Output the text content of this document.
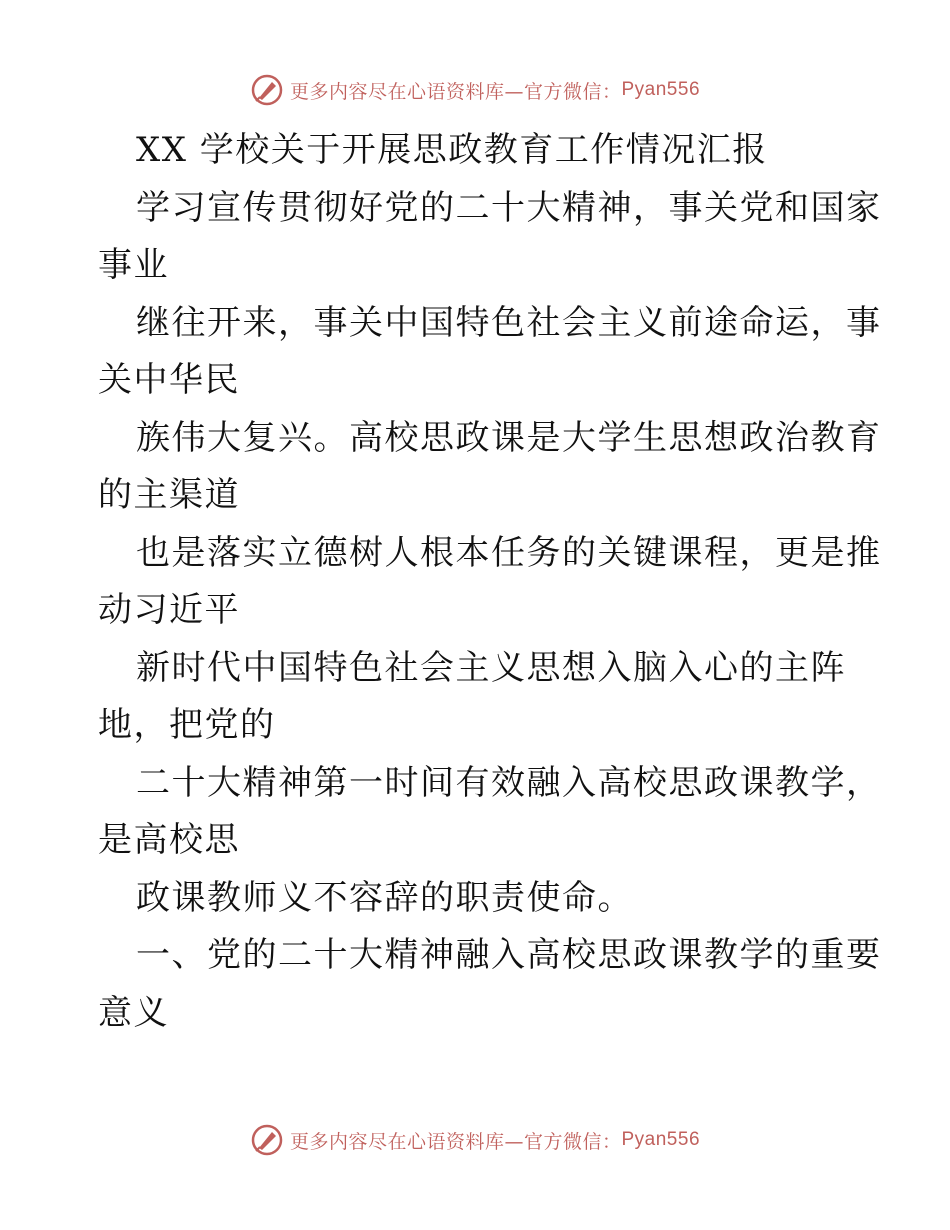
更多内容尽在心语资料库—官方微信： Pyan556
XX 学校关于开展思政教育工作情况汇报
学习宣传贯彻好党的二十大精神，事关党和国家
事业
继往开来，事关中国特色社会主义前途命运，事
关中华民
族伟大复兴。高校思政课是大学生思想政治教育
的主渠道
也是落实立德树人根本任务的关键课程，更是推
动习近平
新时代中国特色社会主义思想入脑入心的主阵
地，把党的
二十大精神第一时间有效融入高校思政课教学，
是高校思
政课教师义不容辞的职责使命。
一、党的二十大精神融入高校思政课教学的重要
意义
更多内容尽在心语资料库—官方微信： Pyan556
